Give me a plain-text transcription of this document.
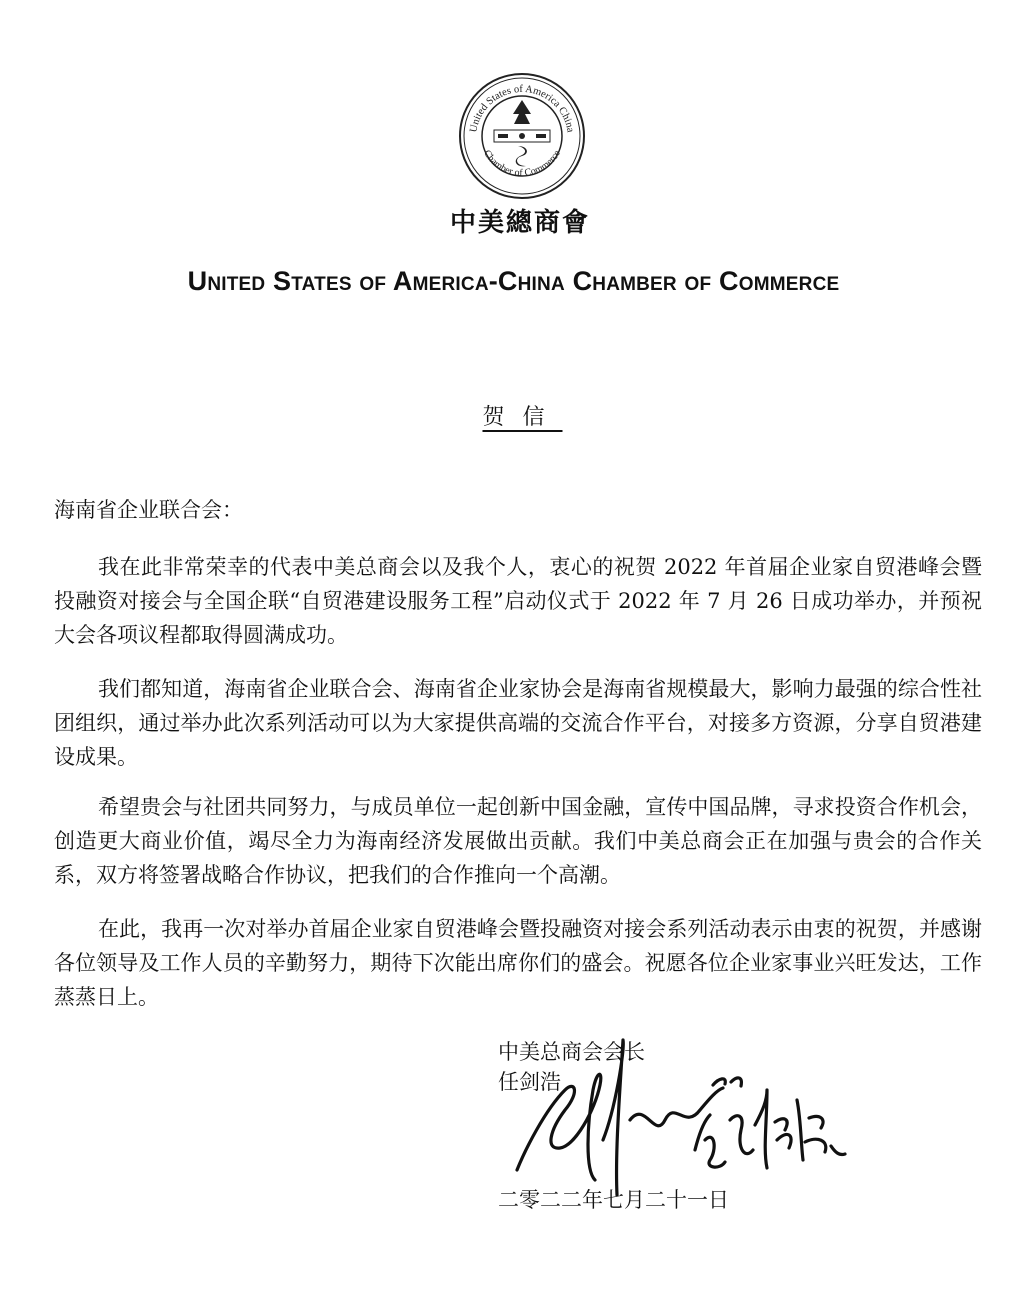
United States of America China
Chamber of Commerce
中美總商會
United States of America-China Chamber of Commerce
贺信
海南省企业联合会：
我在此非常荣幸的代表中美总商会以及我个人，衷心的祝贺 2022 年首届企业家自贸港峰会暨投融资对接会与全国企联“自贸港建设服务工程”启动仪式于 2022 年 7 月 26 日成功举办，并预祝大会各项议程都取得圆满成功。
我们都知道，海南省企业联合会、海南省企业家协会是海南省规模最大，影响力最强的综合性社团组织，通过举办此次系列活动可以为大家提供高端的交流合作平台，对接多方资源，分享自贸港建设成果。
希望贵会与社团共同努力，与成员单位一起创新中国金融，宣传中国品牌，寻求投资合作机会，创造更大商业价值，竭尽全力为海南经济发展做出贡献。我们中美总商会正在加强与贵会的合作关系，双方将签署战略合作协议，把我们的合作推向一个高潮。
在此，我再一次对举办首届企业家自贸港峰会暨投融资对接会系列活动表示由衷的祝贺，并感谢各位领导及工作人员的辛勤努力，期待下次能出席你们的盛会。祝愿各位企业家事业兴旺发达，工作蒸蒸日上。
中美总商会会长
任剑浩
二零二二年七月二十一日
